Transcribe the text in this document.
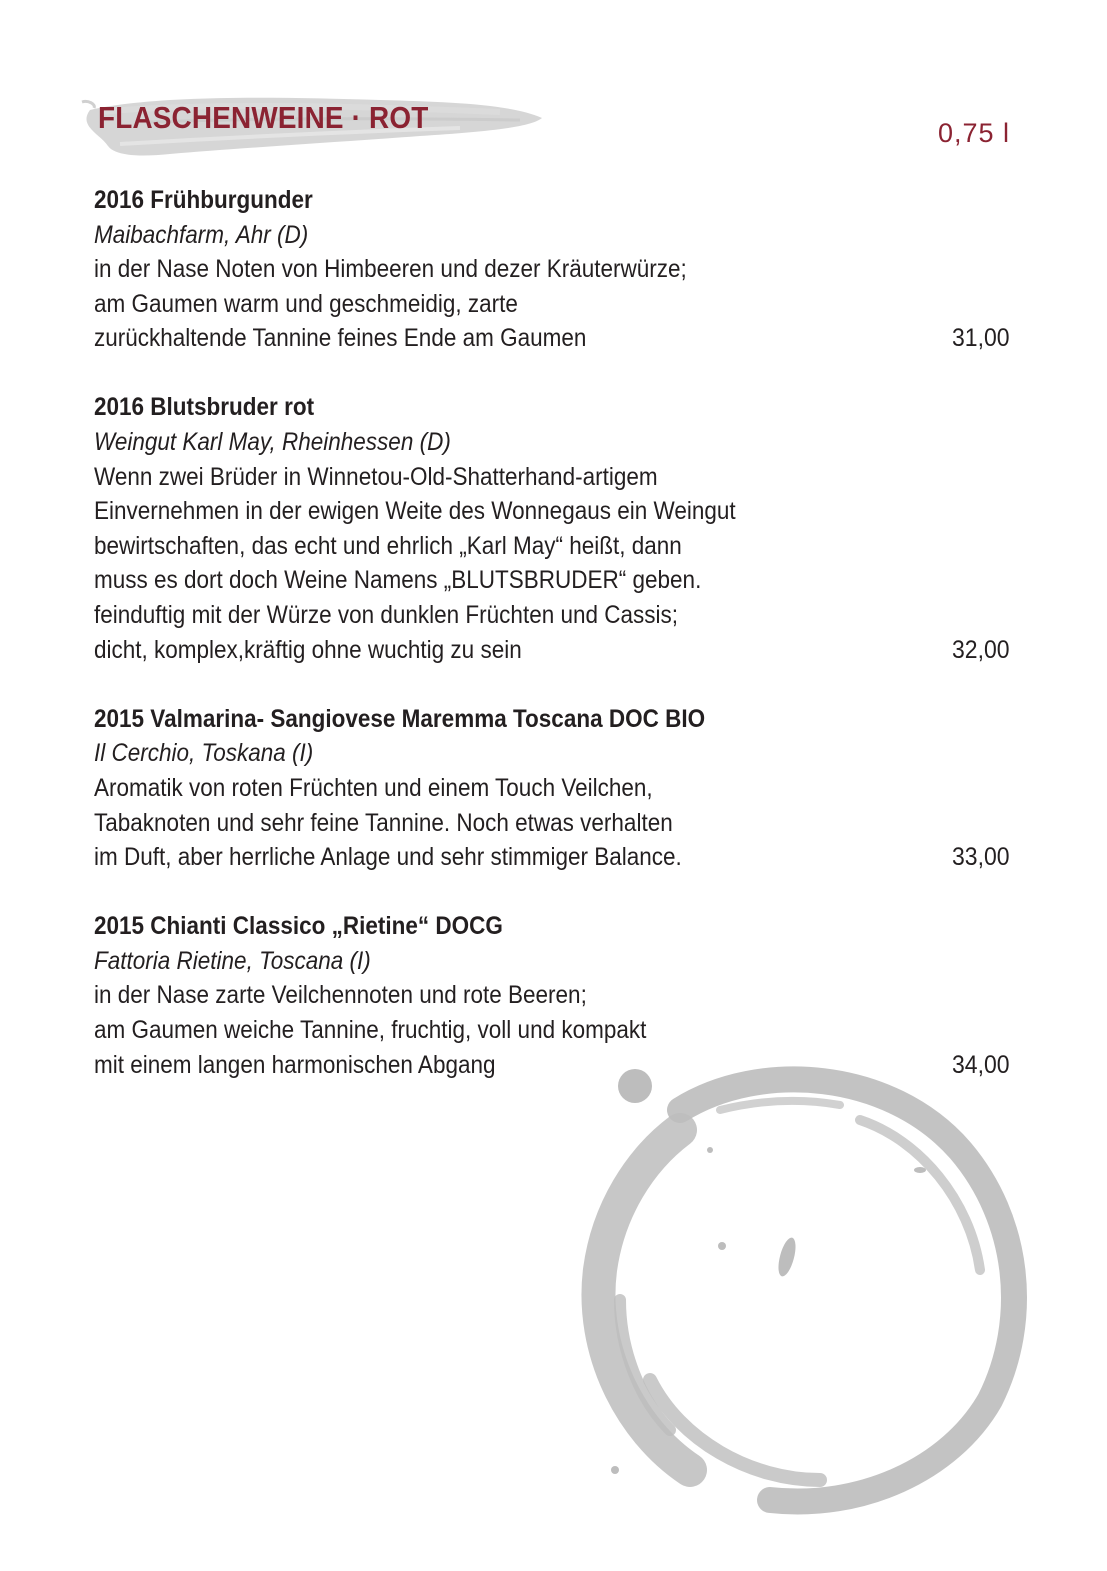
FLASCHENWEINE · ROT	0,75 l
2016 Frühburgunder
Maibachfarm, Ahr (D)
in der Nase Noten von Himbeeren und dezer Kräuterwürze;
am Gaumen warm und geschmeidig, zarte
zurückhaltende Tannine feines Ende am Gaumen	31,00
2016 Blutsbruder rot
Weingut Karl May, Rheinhessen (D)
Wenn zwei Brüder in Winnetou-Old-Shatterhand-artigem
Einvernehmen in der ewigen Weite des Wonnegaus ein Weingut
bewirtschaften, das echt und ehrlich „Karl May“ heißt, dann
muss es dort doch Weine Namens „BLUTSBRUDER“ geben.
feinduftig mit der Würze von dunklen Früchten und Cassis;
dicht, komplex,kräftig ohne wuchtig zu sein	32,00
2015 Valmarina- Sangiovese Maremma Toscana DOC BIO
Il Cerchio, Toskana (I)
Aromatik von roten Früchten und einem Touch Veilchen,
Tabaknoten und sehr feine Tannine. Noch etwas verhalten
im Duft, aber herrliche Anlage und sehr stimmiger Balance.	33,00
2015 Chianti Classico „Rietine“ DOCG
Fattoria Rietine, Toscana (I)
in der Nase zarte Veilchennoten und rote Beeren;
am Gaumen weiche Tannine, fruchtig, voll und kompakt
mit einem langen harmonischen Abgang	34,00
